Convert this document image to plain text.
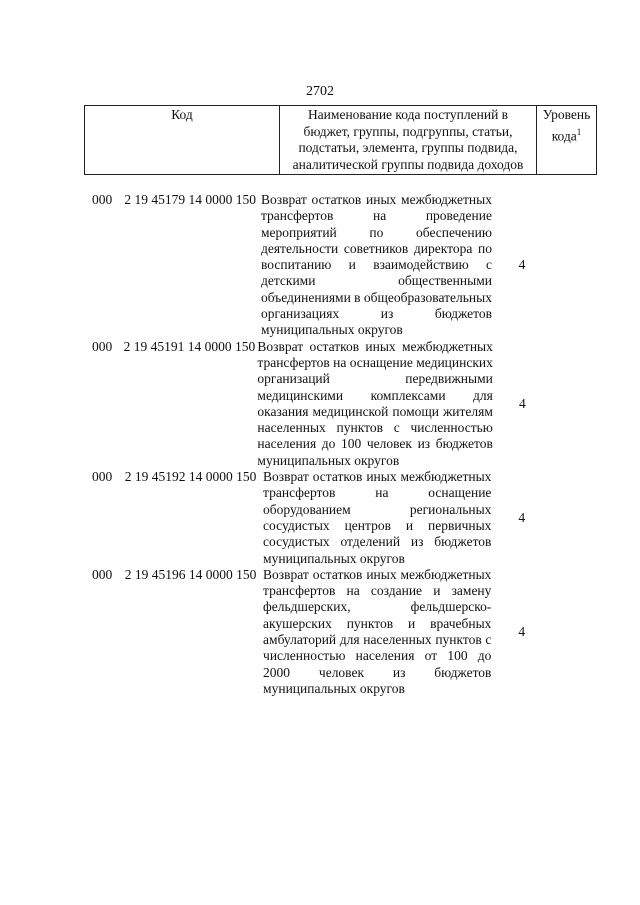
2702
Код	Наименование кода поступлений в
бюджет, группы, подгруппы, статьи,
подстатьи, элемента, группы подвида,
аналитической группы подвида доходов

Уровень
кода$^1$
000 2 19 45179 14 0000 150 Возврат остатков иных межбюджетных
трансфертов на проведение
мероприятий по обеспечению
деятельности советников директора по
воспитанию и взаимодействию с
детскими общественными
объединениями в общеобразовательных
организациях из бюджетов
муниципальных округов
4
000 2 19 45191 14 0000 150 Возврат остатков иных межбюджетных
трансфертов на оснащение медицинских
организаций передвижными
медицинскими комплексами для
оказания медицинской помощи жителям
населенных пунктов с численностью
населения до 100 человек из бюджетов
муниципальных округов
4
000 2 19 45192 14 0000 150 Возврат остатков иных межбюджетных
трансфертов на оснащение
оборудованием региональных
сосудистых центров и первичных
сосудистых отделений из бюджетов
муниципальных округов
4
000 2 19 45196 14 0000 150 Возврат остатков иных межбюджетных
трансфертов на создание и замену
фельдшерских, фельдшерско-
акушерских пунктов и врачебных
амбулаторий для населенных пунктов с
численностью населения от 100 до
2000 человек из бюджетов
муниципальных округов
4
